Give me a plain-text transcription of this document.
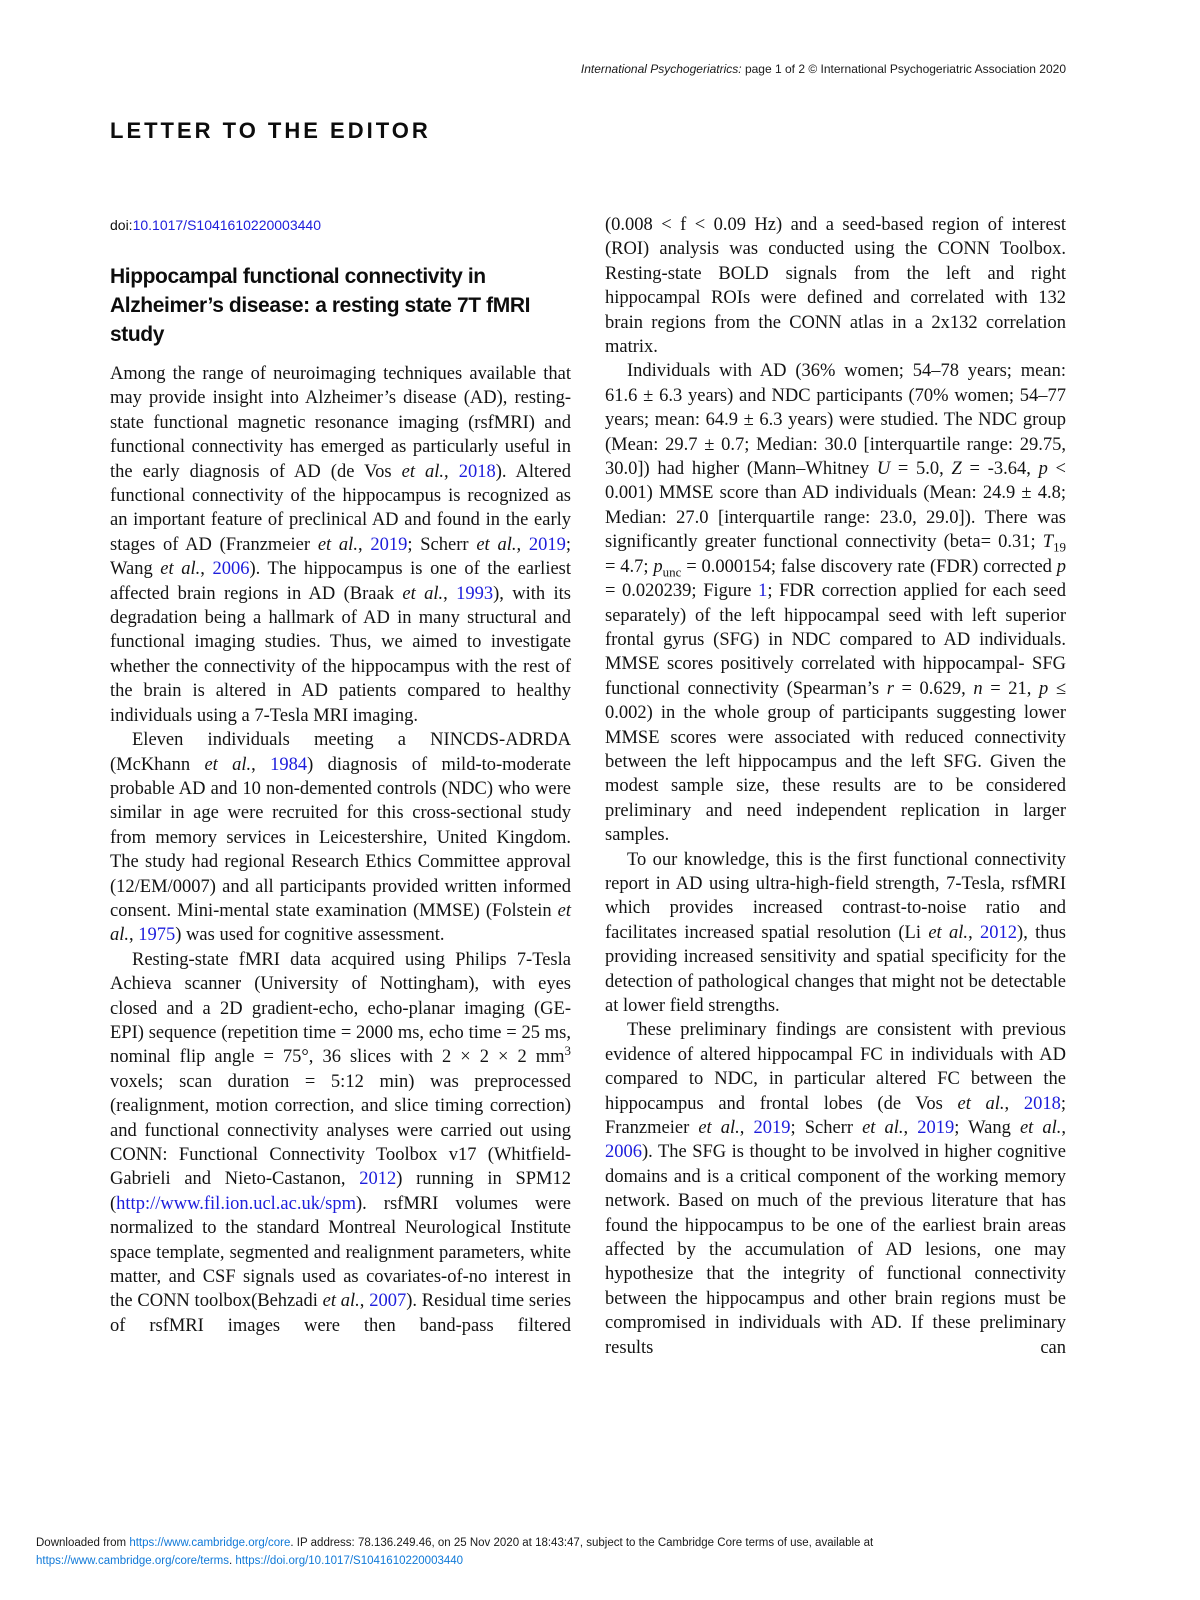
International Psychogeriatrics: page 1 of 2 © International Psychogeriatric Association 2020
LETTER TO THE EDITOR
doi:10.1017/S1041610220003440
Hippocampal functional connectivity in Alzheimer’s disease: a resting state 7T fMRI study

Among the range of neuroimaging techniques available that may provide insight into Alzheimer’s disease (AD), resting-state functional magnetic resonance imaging (rsfMRI) and functional connectivity has emerged as particularly useful in the early diagnosis of AD (de Vos et al., 2018). Altered functional connectivity of the hippocampus is recognized as an important feature of preclinical AD and found in the early stages of AD (Franzmeier et al., 2019; Scherr et al., 2019; Wang et al., 2006). The hippocampus is one of the earliest affected brain regions in AD (Braak et al., 1993), with its degradation being a hallmark of AD in many structural and functional imaging studies. Thus, we aimed to investigate whether the connectivity of the hippocampus with the rest of the brain is altered in AD patients compared to healthy individuals using a 7-Tesla MRI imaging.

Eleven individuals meeting a NINCDS-ADRDA (McKhann et al., 1984) diagnosis of mild-to-moderate probable AD and 10 non-demented controls (NDC) who were similar in age were recruited for this cross-sectional study from memory services in Leicestershire, United Kingdom. The study had regional Research Ethics Committee approval (12/EM/0007) and all participants provided written informed consent. Mini-mental state examination (MMSE) (Folstein et al., 1975) was used for cognitive assessment.

Resting-state fMRI data acquired using Philips 7-Tesla Achieva scanner (University of Nottingham), with eyes closed and a 2D gradient-echo, echo-planar imaging (GE-EPI) sequence (repetition time = 2000 ms, echo time = 25 ms, nominal flip angle = 75°, 36 slices with 2 × 2 × 2 $mm^3$ voxels; scan duration = 5:12 min) was preprocessed (realignment, motion correction, and slice timing correction) and functional connectivity analyses were carried out using CONN: Functional Connectivity Toolbox v17 (Whitfield-Gabrieli and Nieto-Castanon, 2012) running in SPM12 (http://www.fil.ion.ucl.ac.uk/spm). rsfMRI volumes were normalized to the standard Montreal Neurological Institute space template, segmented and realignment parameters, white matter, and CSF signals used as covariates-of-no interest in the CONN toolbox(Behzadi et al., 2007). Residual time series of rsfMRI images were then band-pass filtered

(0.008 < f < 0.09 Hz) and a seed-based region of interest (ROI) analysis was conducted using the CONN Toolbox. Resting-state BOLD signals from the left and right hippocampal ROIs were defined and correlated with 132 brain regions from the CONN atlas in a 2x132 correlation matrix.

Individuals with AD (36% women; 54–78 years; mean: 61.6 ± 6.3 years) and NDC participants (70% women; 54–77 years; mean: 64.9 ± 6.3 years) were studied. The NDC group (Mean: 29.7 ± 0.7; Median: 30.0 [interquartile range: 29.75, 30.0]) had higher (Mann–Whitney U = 5.0, Z = -3.64, p < 0.001) MMSE score than AD individuals (Mean: 24.9 ± 4.8; Median: 27.0 [interquartile range: 23.0, 29.0]). There was significantly greater functional connectivity (beta= 0.31; $T_{19} = 4.7$; $p_{unc} = 0.000154$; false discovery rate (FDR) corrected p = 0.020239; Figure 1; FDR correction applied for each seed separately) of the left hippocampal seed with left superior frontal gyrus (SFG) in NDC compared to AD individuals. MMSE scores positively correlated with hippocampal- SFG functional connectivity (Spearman’s r = 0.629, n = 21, p ≤ 0.002) in the whole group of participants suggesting lower MMSE scores were associated with reduced connectivity between the left hippocampus and the left SFG. Given the modest sample size, these results are to be considered preliminary and need independent replication in larger samples.

To our knowledge, this is the first functional connectivity report in AD using ultra-high-field strength, 7-Tesla, rsfMRI which provides increased contrast-to-noise ratio and facilitates increased spatial resolution (Li et al., 2012), thus providing increased sensitivity and spatial specificity for the detection of pathological changes that might not be detectable at lower field strengths.

These preliminary findings are consistent with previous evidence of altered hippocampal FC in individuals with AD compared to NDC, in particular altered FC between the hippocampus and frontal lobes (de Vos et al., 2018; Franzmeier et al., 2019; Scherr et al., 2019; Wang et al., 2006). The SFG is thought to be involved in higher cognitive domains and is a critical component of the working memory network. Based on much of the previous literature that has found the hippocampus to be one of the earliest brain areas affected by the accumulation of AD lesions, one may hypothesize that the integrity of functional connectivity between the hippocampus and other brain regions must be compromised in individuals with AD. If these preliminary results can

Downloaded from https://www.cambridge.org/core. IP address: 78.136.249.46, on 25 Nov 2020 at 18:43:47, subject to the Cambridge Core terms of use, available at
https://www.cambridge.org/core/terms. https://doi.org/10.1017/S1041610220003440
